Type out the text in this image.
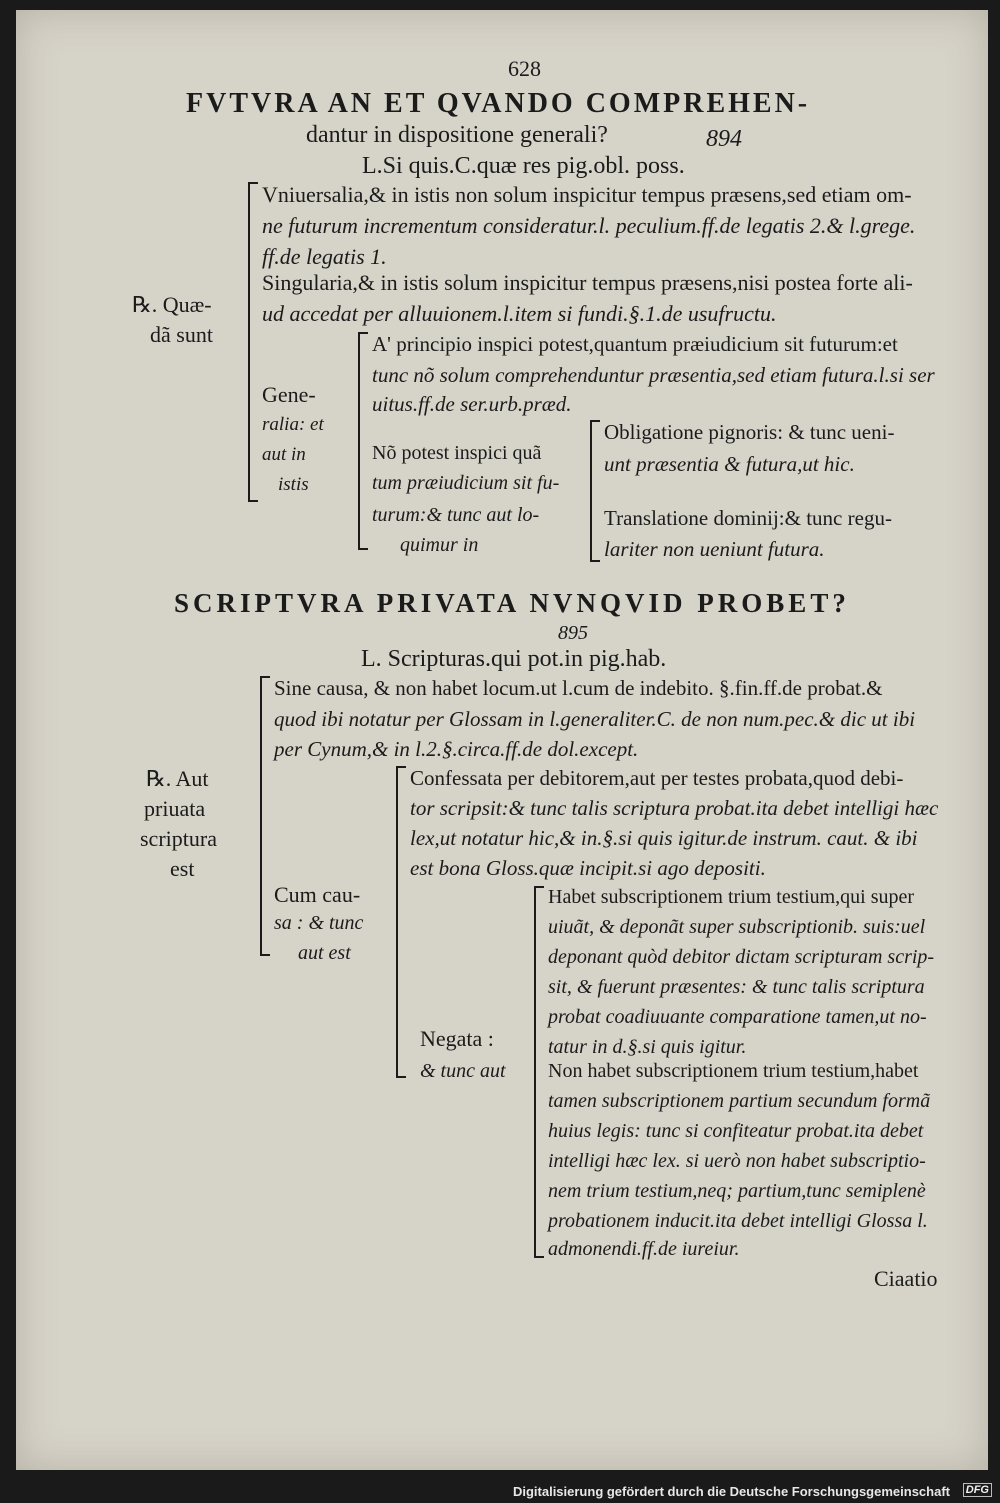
628
FVTVRA AN ET QVANDO COMPREHEN-
dantur in dispositione generali?	894
L.Si quis.C.quæ res pig.obl. poss.
℞. Quæ-
dã sunt
Vniuersalia,& in istis non solum inspicitur tempus præsens,sed etiam om-
ne futurum incrementum consideratur.l. peculium.ff.de legatis 2.& l.grege.
ff.de legatis 1.
Singularia,& in istis solum inspicitur tempus præsens,nisi postea forte ali-
ud accedat per alluuionem.l.item si fundi.§.1.de usufructu.
Gene-
ralia: et
aut in
istis
A' principio inspici potest,quantum præiudicium sit futurum:et
tunc nõ solum comprehenduntur præsentia,sed etiam futura.l.si ser
uitus.ff.de ser.urb.præd.
Nõ potest inspici quã
tum præiudicium sit fu-
turum:& tunc aut lo-
quimur in
Obligatione pignoris: & tunc ueni-
unt præsentia & futura,ut hic.
Translatione dominij:& tunc regu-
lariter non ueniunt futura.
SCRIPTVRA PRIVATA NVNQVID PROBET?
895
L. Scripturas.qui pot.in pig.hab.
℞. Aut
priuata
scriptura
est
Sine causa, & non habet locum.ut l.cum de indebito. §.fin.ff.de probat.&
quod ibi notatur per Glossam in l.generaliter.C. de non num.pec.& dic ut ibi
per Cynum,& in l.2.§.circa.ff.de dol.except.
Cum cau-
sa : & tunc
aut est
Confessata per debitorem,aut per testes probata,quod debi-
tor scripsit:& tunc talis scriptura probat.ita debet intelligi hæc
lex,ut notatur hic,& in.§.si quis igitur.de instrum. caut. & ibi
est bona Gloss.quæ incipit.si ago depositi.
Negata :
& tunc aut
Habet subscriptionem trium testium,qui super
uiuãt, & deponãt super subscriptionib. suis:uel
deponant quòd debitor dictam scripturam scrip-
sit, & fuerunt præsentes: & tunc talis scriptura
probat coadiuuante comparatione tamen,ut no-
tatur in d.§.si quis igitur.
Non habet subscriptionem trium testium,habet
tamen subscriptionem partium secundum formã
huius legis: tunc si confiteatur probat.ita debet
intelligi hæc lex. si uerò non habet subscriptio-
nem trium testium,neq; partium,tunc semiplenè
probationem inducit.ita debet intelligi Glossa l.
admonendi.ff.de iureiur.
Ciaatio
Digitalisierung gefördert durch die Deutsche Forschungsgemeinschaft DFG
